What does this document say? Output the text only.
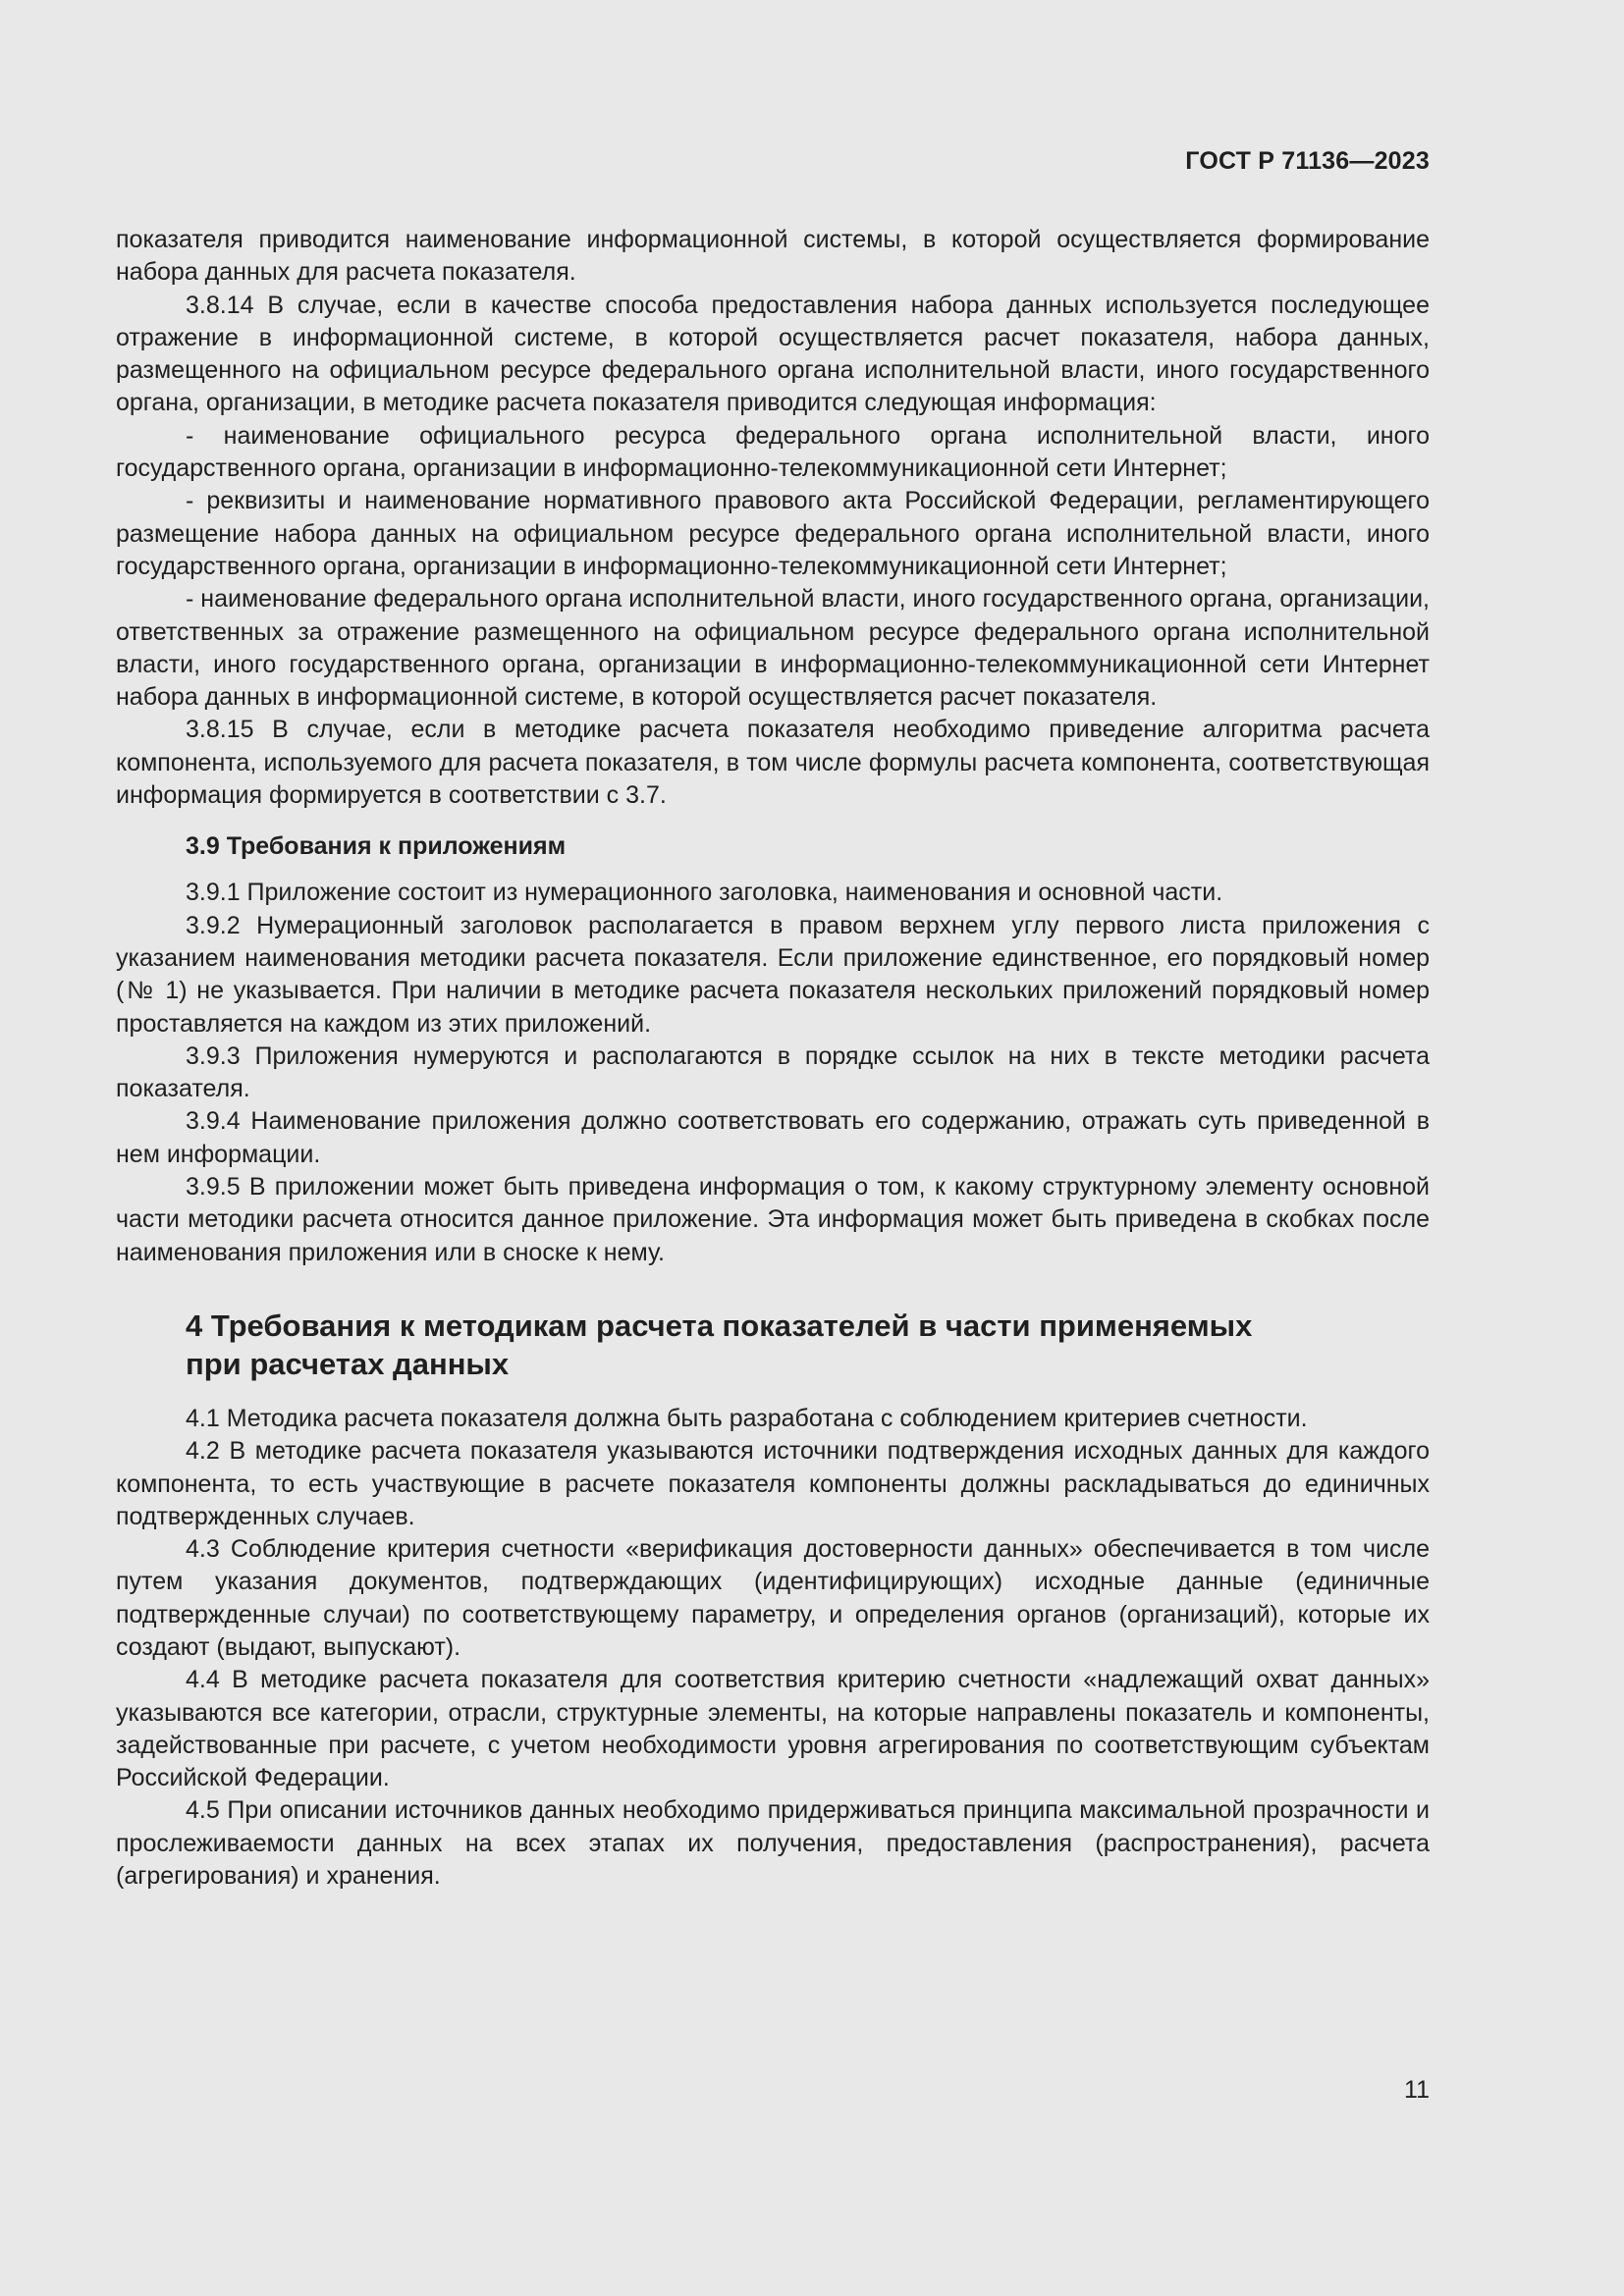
ГОСТ Р 71136—2023

показателя приводится наименование информационной системы, в которой осуществляется формирование набора данных для расчета показателя.

3.8.14 В случае, если в качестве способа предоставления набора данных используется последующее отражение в информационной системе, в которой осуществляется расчет показателя, набора данных, размещенного на официальном ресурсе федерального органа исполнительной власти, иного государственного органа, организации, в методике расчета показателя приводится следующая информация:

- наименование официального ресурса федерального органа исполнительной власти, иного государственного органа, организации в информационно-телекоммуникационной сети Интернет;

- реквизиты и наименование нормативного правового акта Российской Федерации, регламентирующего размещение набора данных на официальном ресурсе федерального органа исполнительной власти, иного государственного органа, организации в информационно-телекоммуникационной сети Интернет;

- наименование федерального органа исполнительной власти, иного государственного органа, организации, ответственных за отражение размещенного на официальном ресурсе федерального органа исполнительной власти, иного государственного органа, организации в информационно-телекоммуникационной сети Интернет набора данных в информационной системе, в которой осуществляется расчет показателя.

3.8.15 В случае, если в методике расчета показателя необходимо приведение алгоритма расчета компонента, используемого для расчета показателя, в том числе формулы расчета компонента, соответствующая информация формируется в соответствии с 3.7.

3.9 Требования к приложениям

3.9.1 Приложение состоит из нумерационного заголовка, наименования и основной части.

3.9.2 Нумерационный заголовок располагается в правом верхнем углу первого листа приложения с указанием наименования методики расчета показателя. Если приложение единственное, его порядковый номер (№ 1) не указывается. При наличии в методике расчета показателя нескольких приложений порядковый номер проставляется на каждом из этих приложений.

3.9.3 Приложения нумеруются и располагаются в порядке ссылок на них в тексте методики расчета показателя.

3.9.4 Наименование приложения должно соответствовать его содержанию, отражать суть приведенной в нем информации.

3.9.5 В приложении может быть приведена информация о том, к какому структурному элементу основной части методики расчета относится данное приложение. Эта информация может быть приведена в скобках после наименования приложения или в сноске к нему.

4 Требования к методикам расчета показателей в части применяемых
при расчетах данных

4.1 Методика расчета показателя должна быть разработана с соблюдением критериев счетности.

4.2 В методике расчета показателя указываются источники подтверждения исходных данных для каждого компонента, то есть участвующие в расчете показателя компоненты должны раскладываться до единичных подтвержденных случаев.

4.3 Соблюдение критерия счетности «верификация достоверности данных» обеспечивается в том числе путем указания документов, подтверждающих (идентифицирующих) исходные данные (единичные подтвержденные случаи) по соответствующему параметру, и определения органов (организаций), которые их создают (выдают, выпускают).

4.4 В методике расчета показателя для соответствия критерию счетности «надлежащий охват данных» указываются все категории, отрасли, структурные элементы, на которые направлены показатель и компоненты, задействованные при расчете, с учетом необходимости уровня агрегирования по соответствующим субъектам Российской Федерации.

4.5 При описании источников данных необходимо придерживаться принципа максимальной прозрачности и прослеживаемости данных на всех этапах их получения, предоставления (распространения), расчета (агрегирования) и хранения.

11
